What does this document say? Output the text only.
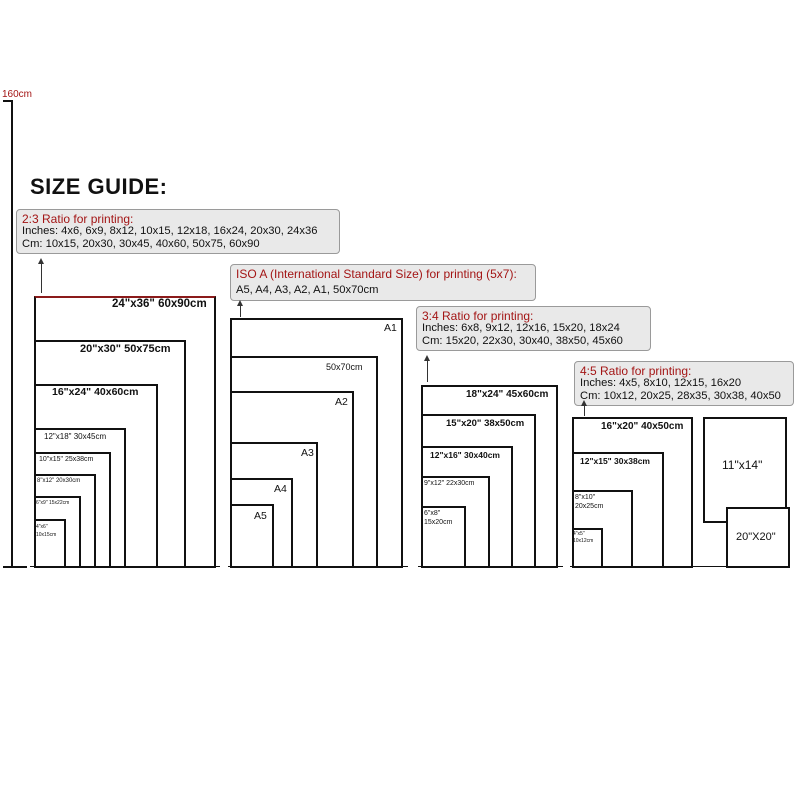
160cm
SIZE GUIDE:
2:3 Ratio for printing:
Inches: 4x6, 6x9, 8x12, 10x15, 12x18, 16x24, 20x30, 24x36
Cm: 10x15, 20x30, 30x45, 40x60, 50x75, 60x90
24"x36" 60x90cm
20"x30" 50x75cm
16"x24" 40x60cm
12"x18" 30x45cm
10"x15" 25x38cm
8"x12" 20x30cm
6"x9" 15x22cm
4"x6"
10x15cm
ISO A (International Standard Size) for printing (5x7):
A5, A4, A3, A2, A1, 50x70cm
A1
50x70cm
A2
A3
A4
A5
3:4 Ratio for printing:
Inches: 6x8, 9x12, 12x16, 15x20, 18x24
Cm: 15x20, 22x30, 30x40, 38x50, 45x60
18"x24" 45x60cm
15"x20" 38x50cm
12"x16" 30x40cm
9"x12" 22x30cm
6"x8"
15x20cm
4:5 Ratio for printing:
Inches: 4x5, 8x10, 12x15, 16x20
Cm: 10x12, 20x25, 28x35, 30x38, 40x50
16"x20" 40x50cm
12"x15" 30x38cm
8"x10"
20x25cm
4"x5"
10x12cm
11"x14"
20"X20"
